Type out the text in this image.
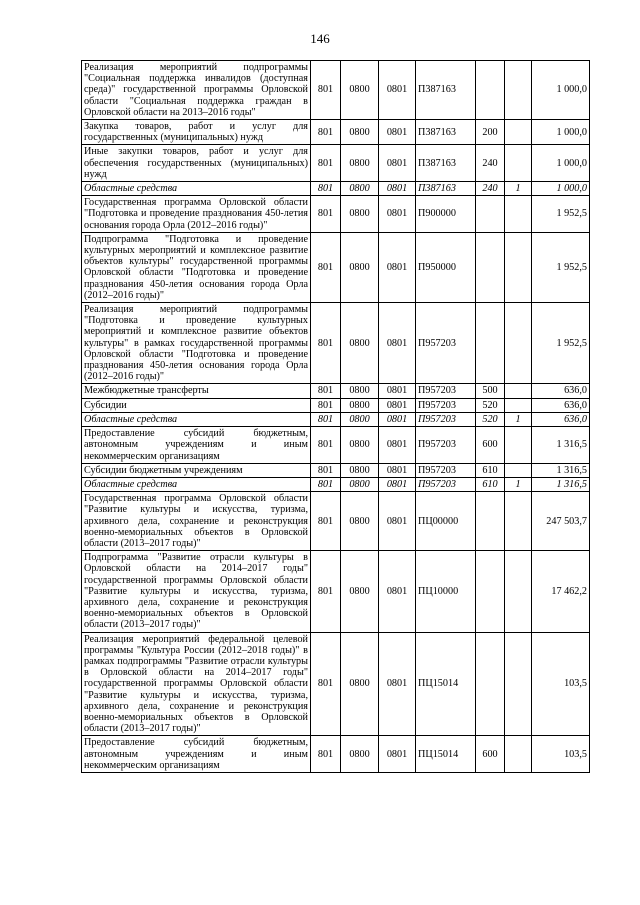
146
Реализация мероприятий подпрограммы "Социальная поддержка инвалидов (доступная среда)" государственной программы Орловской области "Социальная поддержка граждан в Орловской области на 2013–2016 годы"	801	0800	0801	П387163			1 000,0
Закупка товаров, работ и услуг для государственных (муниципальных) нужд	801	0800	0801	П387163	200		1 000,0
Иные закупки товаров, работ и услуг для обеспечения государственных (муниципальных) нужд	801	0800	0801	П387163	240		1 000,0
Областные средства	801	0800	0801	П387163	240	1	1 000,0
Государственная программа Орловской области "Подготовка и проведение празднования 450-летия основания города Орла (2012–2016 годы)"	801	0800	0801	П900000			1 952,5
Подпрограмма "Подготовка и проведение культурных мероприятий и комплексное развитие объектов культуры" государственной программы Орловской области "Подготовка и проведение празднования 450-летия основания города Орла (2012–2016 годы)"	801	0800	0801	П950000			1 952,5
Реализация мероприятий подпрограммы "Подготовка и проведение культурных мероприятий и комплексное развитие объектов культуры" в рамках государственной программы Орловской области "Подготовка и проведение празднования 450-летия основания города Орла (2012–2016 годы)"	801	0800	0801	П957203			1 952,5
Межбюджетные трансферты	801	0800	0801	П957203	500		636,0
Субсидии	801	0800	0801	П957203	520		636,0
Областные средства	801	0800	0801	П957203	520	1	636,0
Предоставление субсидий бюджетным, автономным учреждениям и иным некоммерческим организациям	801	0800	0801	П957203	600		1 316,5
Субсидии бюджетным учреждениям	801	0800	0801	П957203	610		1 316,5
Областные средства	801	0800	0801	П957203	610	1	1 316,5
Государственная программа Орловской области "Развитие культуры и искусства, туризма, архивного дела, сохранение и реконструкция военно-мемориальных объектов в Орловской области (2013–2017 годы)"	801	0800	0801	ПЦ00000			247 503,7
Подпрограмма "Развитие отрасли культуры в Орловской области на 2014–2017 годы" государственной программы Орловской области "Развитие культуры и искусства, туризма, архивного дела, сохранение и реконструкция военно-мемориальных объектов в Орловской области (2013–2017 годы)"	801	0800	0801	ПЦ10000			17 462,2
Реализация мероприятий федеральной целевой программы "Культура России (2012–2018 годы)" в рамках подпрограммы "Развитие отрасли культуры в Орловской области на 2014–2017 годы" государственной программы Орловской области "Развитие культуры и искусства, туризма, архивного дела, сохранение и реконструкция военно-мемориальных объектов в Орловской области (2013–2017 годы)"	801	0800	0801	ПЦ15014			103,5
Предоставление субсидий бюджетным, автономным учреждениям и иным некоммерческим организациям	801	0800	0801	ПЦ15014	600		103,5
